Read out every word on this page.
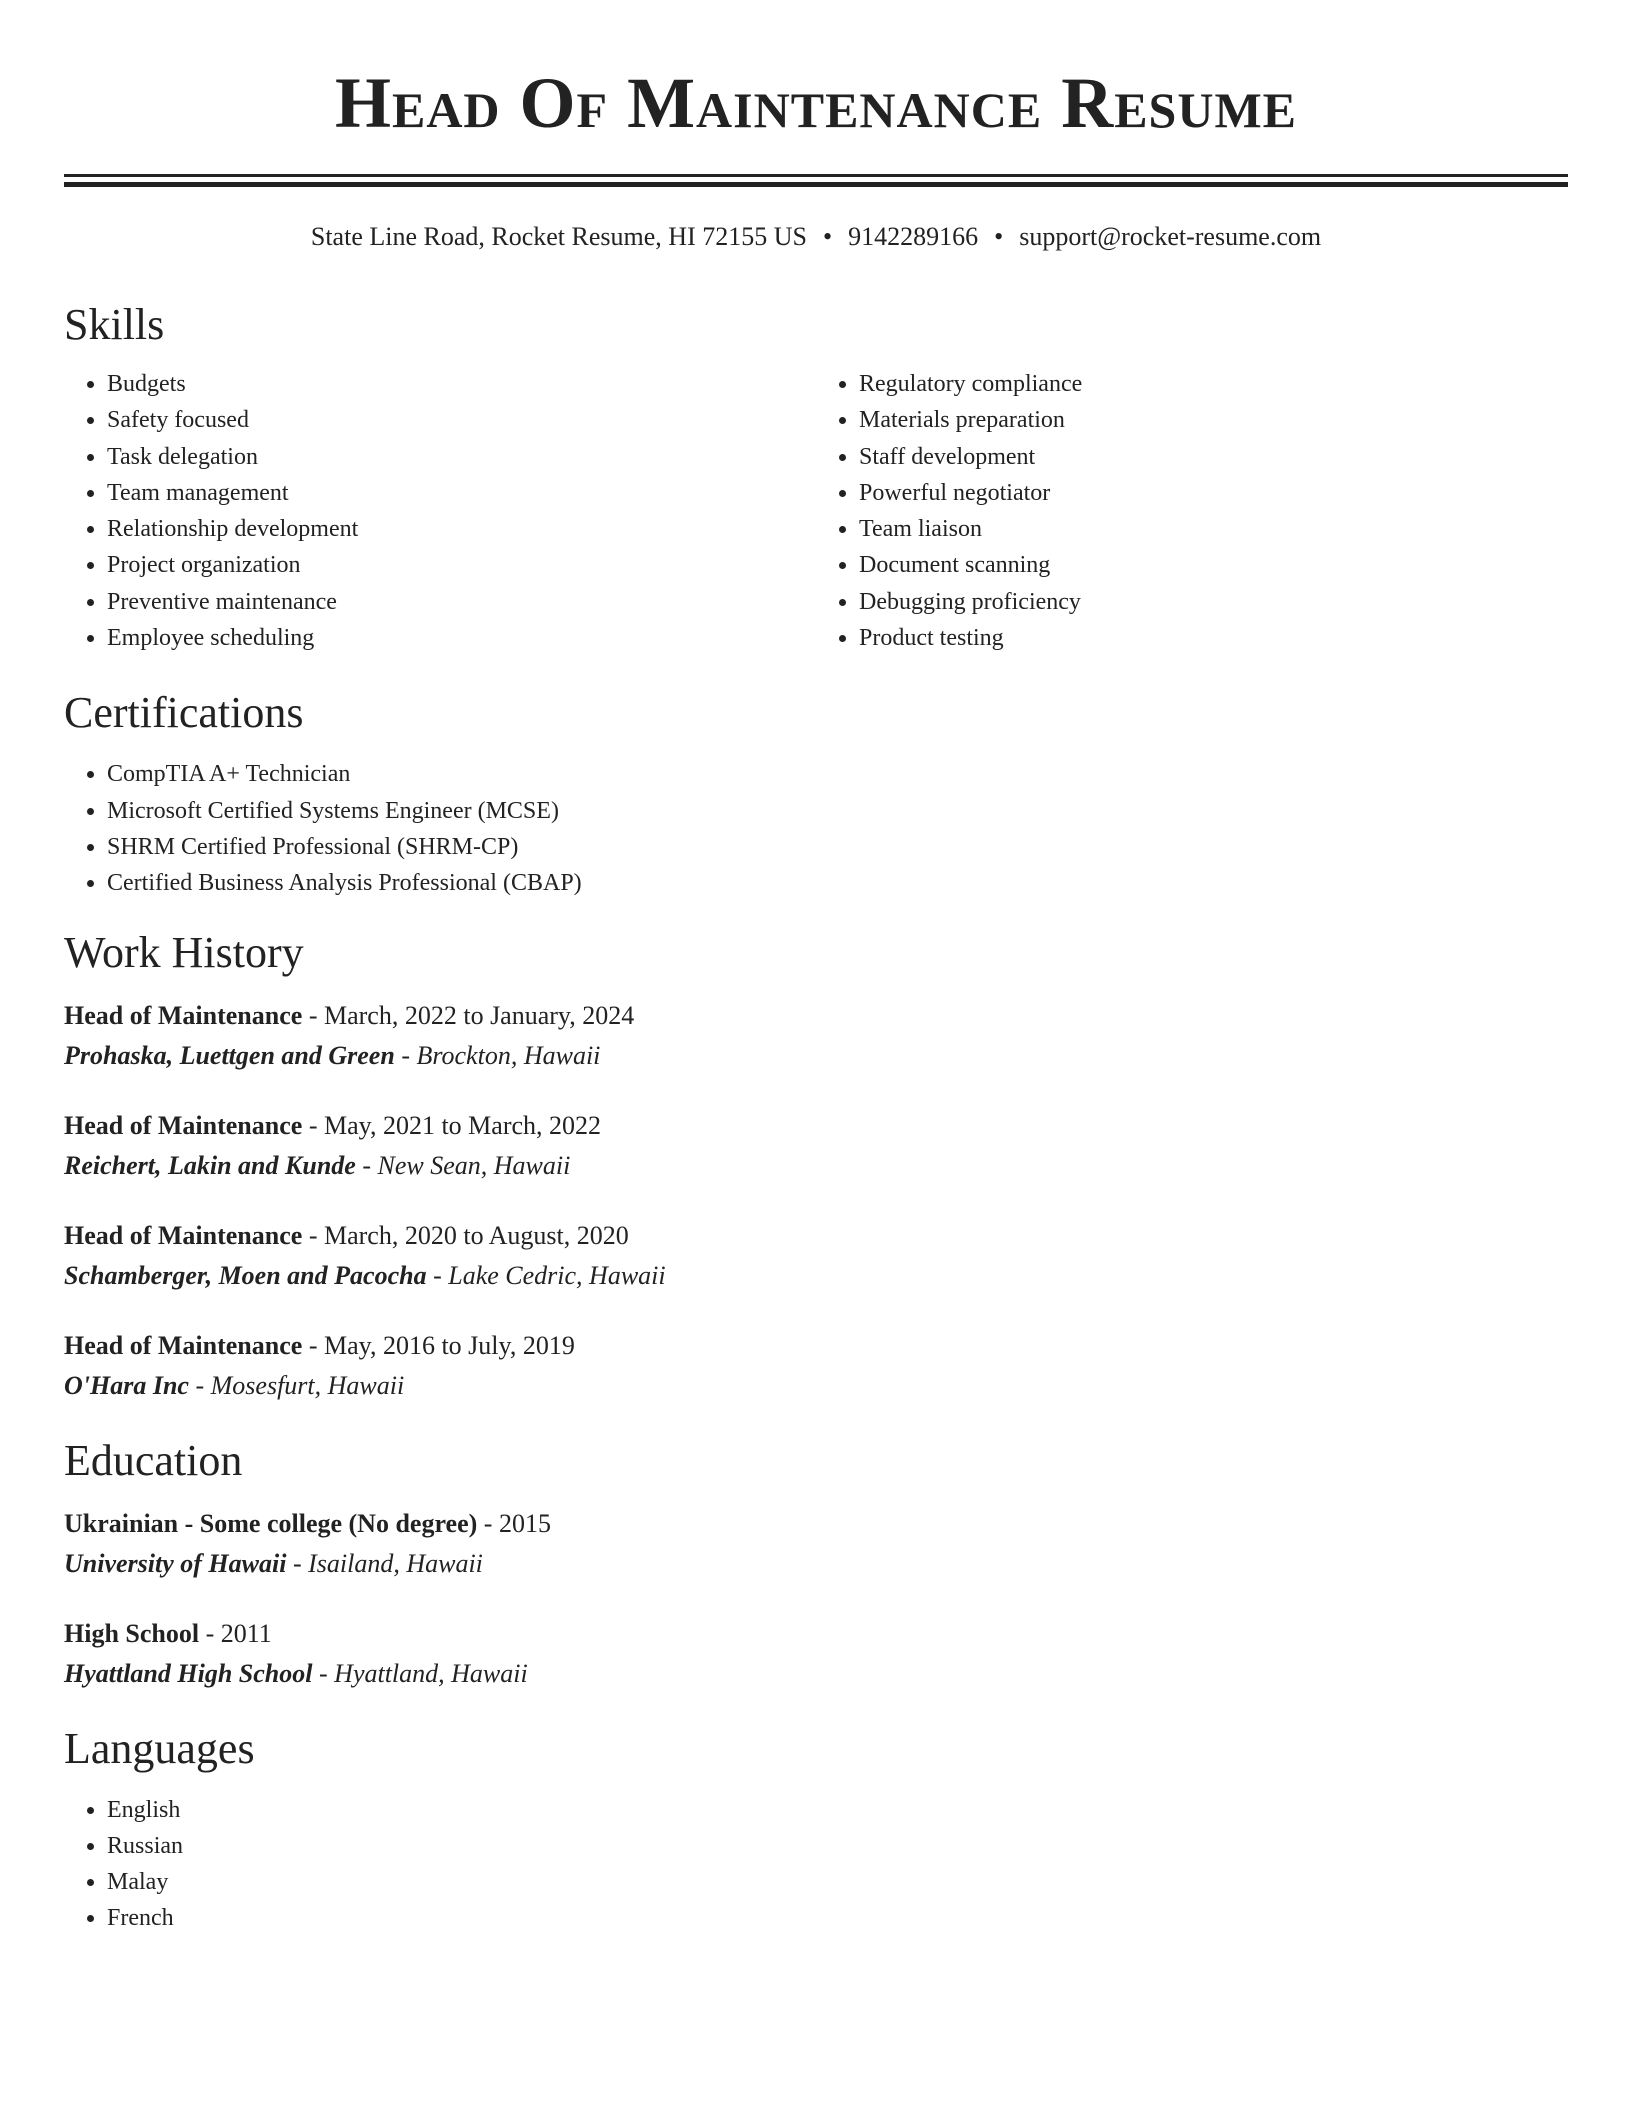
Head Of Maintenance Resume
State Line Road, Rocket Resume, HI 72155 US • 9142289166 • support@rocket-resume.com
Skills
• Budgets
• Safety focused
• Task delegation
• Team management
• Relationship development
• Project organization
• Preventive maintenance
• Employee scheduling
• Regulatory compliance
• Materials preparation
• Staff development
• Powerful negotiator
• Team liaison
• Document scanning
• Debugging proficiency
• Product testing
Certifications
• CompTIA A+ Technician
• Microsoft Certified Systems Engineer (MCSE)
• SHRM Certified Professional (SHRM-CP)
• Certified Business Analysis Professional (CBAP)
Work History
Head of Maintenance - March, 2022 to January, 2024
Prohaska, Luettgen and Green - Brockton, Hawaii
Head of Maintenance - May, 2021 to March, 2022
Reichert, Lakin and Kunde - New Sean, Hawaii
Head of Maintenance - March, 2020 to August, 2020
Schamberger, Moen and Pacocha - Lake Cedric, Hawaii
Head of Maintenance - May, 2016 to July, 2019
O'Hara Inc - Mosesfurt, Hawaii
Education
Ukrainian - Some college (No degree) - 2015
University of Hawaii - Isailand, Hawaii
High School - 2011
Hyattland High School - Hyattland, Hawaii
Languages
• English
• Russian
• Malay
• French
